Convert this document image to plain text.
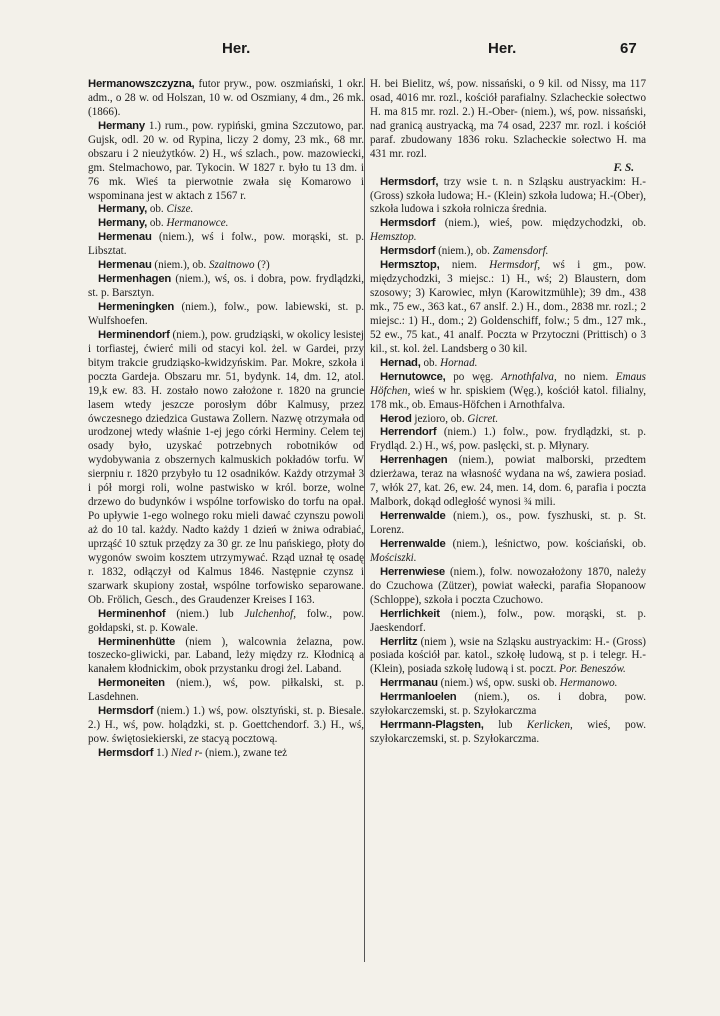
Her.	Her.	67

Hermanowszczyzna, futor pryw., pow. oszmiański, 1 okr. adm., o 28 w. od Holszan, 10 w. od Oszmiany, 4 dm., 26 mk. (1866).

Hermany 1.) rum., pow. rypiński, gmina Szczutowo, par. Gujsk, odl. 20 w. od Rypina, liczy 2 domy, 23 mk., 68 mr. obszaru i 2 nieużytków. 2) H., wś szlach., pow. mazowiecki, gm. Stelmachowo, par. Tykocin. W 1827 r. było tu 13 dm. i 76 mk. Wieś ta pierwotnie zwała się Komarowo i wspominana jest w aktach z 1567 r.

Hermany, ob. Cisze.

Hermany, ob. Hermanowce.

Hermenau (niem.), wś i folw., pow. morąski, st. p. Libsztat.

Hermenau (niem.), ob. Szaitnowo (?)

Hermenhagen (niem.), wś, os. i dobra, pow. frydlądzki, st. p. Barsztyn.

Hermeningken (niem.), folw., pow. labiewski, st. p. Wulfshoefen.

Herminendorf (niem.), pow. grudziąski, w okolicy lesistej i torfiastej, ćwierć mili od stacyi kol. żel. w Gardei, przy bitym trakcie grudziąsko-kwidzyńskim. Par. Mokre, szkoła i poczta Gardeja. Obszaru mr. 51, bydynk. 14, dm. 12, atol. 19,k ew. 83. H. zostało nowo założone r. 1820 na gruncie lasem wtedy jeszcze porosłym dóbr Kalmusy, przez ówczesnego dziedzica Gustawa Zollern. Nazwę otrzymała od urodzonej wtedy właśnie 1-ej jego córki Herminy. Celem tej osady było, uzyskać potrzebnych robotników od wydobywania z obszernych kalmuskich pokładów torfu. W sierpniu r. 1820 przybyło tu 12 osadników. Każdy otrzymał 3 i pół morgi roli, wolne pastwisko w król. borze, wolne drzewo do budynków i wspólne torfowisko do torfu na opał. Po upływie 1-ego wolnego roku mieli dawać czynszu powoli aż do 10 tal. każdy. Nadto każdy 1 dzień w żniwa odrabiać, uprząść 10 sztuk przędzy za 30 gr. ze lnu pańskiego, płoty do wygonów swoim kosztem utrzymywać. Rząd uznał tę osadę r. 1832, odłączył od Kalmus 1846. Następnie czynsz i szarwark skupiony został, wspólne torfowisko separowane. Ob. Frölich, Gesch., des Graudenzer Kreises I 163.

Herminenhof (niem.) lub Julchenhof, folw., pow. gołdapski, st. p. Kowale.

Herminenhütte (niem ), walcownia żelazna, pow. toszecko-gliwicki, par. Laband, leży między rz. Kłodnicą a kanałem kłodnickim, obok przystanku drogi żel. Laband.

Hermoneiten (niem.), wś, pow. piłkalski, st. p. Lasdehnen.

Hermsdorf (niem.) 1.) wś, pow. olsztyński, st. p. Biesale. 2.) H., wś, pow. holądzki, st. p. Goettchendorf. 3.) H., wś, pow. świętosiekierski, ze stacyą pocztową.

Hermsdorf 1.) Nied r- (niem.), zwane też

H. bei Bielitz, wś, pow. nissański, o 9 kil. od Nissy, ma 117 osad, 4016 mr. rozl., kościół parafialny. Szlacheckie sołectwo H. ma 815 mr. rozl. 2.) H.-Ober- (niem.), wś, pow. nissański, nad granicą austryacką, ma 74 osad, 2237 mr. rozl. i kościół paraf. zbudowany 1836 roku. Szlacheckie sołectwo H. ma 431 mr. rozl.
F. S.

Hermsdorf, trzy wsie t. n. n Szląsku austryackim: H.- (Gross) szkoła ludowa; H.- (Klein) szkoła ludowa; H.-(Ober), szkoła ludowa i szkoła rolnicza średnia.

Hermsdorf (niem.), wieś, pow. międzychodzki, ob. Hemsztop.

Hermsdorf (niem.), ob. Zamensdorf.

Hermsztop, niem. Hermsdorf, wś i gm., pow. międzychodzki, 3 miejsc.: 1) H., wś; 2) Blaustern, dom szosowy; 3) Karowiec, młyn (Karowitzmühle); 39 dm., 438 mk., 75 ew., 363 kat., 67 anslf. 2.) H., dom., 2838 mr. rozl.; 2 miejsc.: 1) H., dom.; 2) Goldenschiff, folw.; 5 dm., 127 mk., 52 ew., 75 kat., 41 analf. Poczta w Przytoczni (Prittisch) o 3 kil., st. kol. żel. Landsberg o 30 kil.

Hernad, ob. Hornad.

Hernutowce, po węg. Arnothfalva, no niem. Emaus Höfchen, wieś w hr. spiskiem (Węg.), kościół katol. filialny, 178 mk., ob. Emaus-Höfchen i Arnothfalva.

Herod jezioro, ob. Gicret.

Herrendorf (niem.) 1.) folw., pow. frydlądzki, st. p. Frydląd. 2.) H., wś, pow. paslęcki, st. p. Młynary.

Herrenhagen (niem.), powiat malborski, przedtem dzierżawa, teraz na własność wydana na wś, zawiera posiad. 7, włók 27, kat. 26, ew. 24, men. 14, dom. 6, parafia i poczta Malbork, dokąd odległość wynosi ¾ mili.

Herrenwalde (niem.), os., pow. fyszhuski, st. p. St. Lorenz.

Herrenwalde (niem.), leśnictwo, pow. kościański, ob. Mościszki.

Herrenwiese (niem.), folw. nowozałożony 1870, należy do Czuchowa (Zützer), powiat wałecki, parafia Słopanoow (Schloppe), szkoła i poczta Czuchowo.

Herrlichkeit (niem.), folw., pow. morąski, st. p. Jaeskendorf.

Herrlitz (niem ), wsie na Szląsku austryackim: H.- (Gross) posiada kościół par. katol., szkołę ludową, st p. i telegr. H.- (Klein), posiada szkołę ludową i st. poczt. Por. Beneszów.

Herrmanau (niem.) wś, opw. suski ob. Hermanowo.

Herrmanloelen (niem.), os. i dobra, pow. szyłokarczemski, st. p. Szyłokarczma

Herrmann-Plagsten, lub Kerlicken, wieś, pow. szyłokarczemski, st. p. Szyłokarczma.
